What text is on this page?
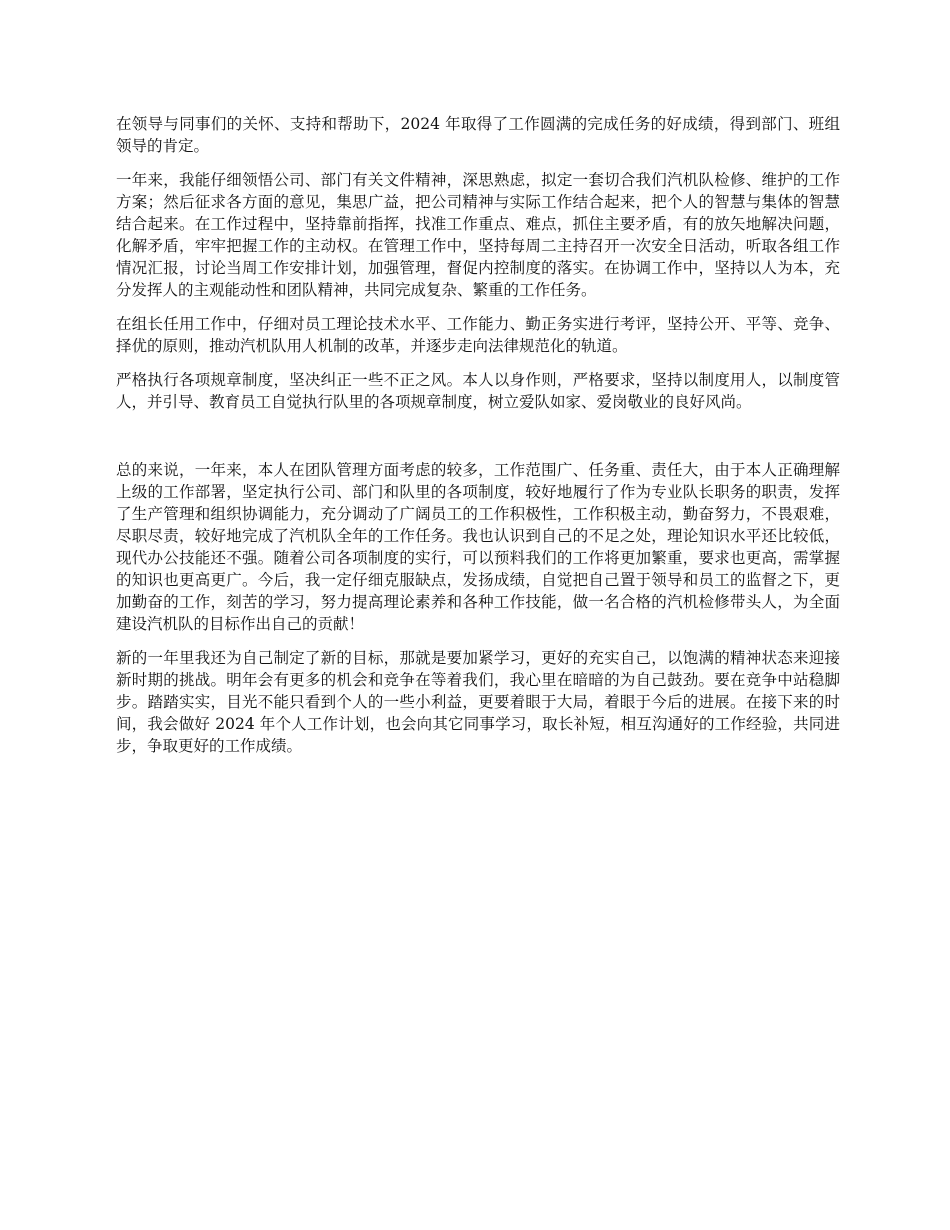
在领导与同事们的关怀、支持和帮助下，2024 年取得了工作圆满的完成任务的好成绩，得到部门、班组领导的肯定。

一年来，我能仔细领悟公司、部门有关文件精神，深思熟虑，拟定一套切合我们汽机队检修、维护的工作方案；然后征求各方面的意见，集思广益，把公司精神与实际工作结合起来，把个人的智慧与集体的智慧结合起来。在工作过程中，坚持靠前指挥，找准工作重点、难点，抓住主要矛盾，有的放矢地解决问题，化解矛盾，牢牢把握工作的主动权。在管理工作中，坚持每周二主持召开一次安全日活动，听取各组工作情况汇报，讨论当周工作安排计划，加强管理，督促内控制度的落实。在协调工作中，坚持以人为本，充分发挥人的主观能动性和团队精神，共同完成复杂、繁重的工作任务。

在组长任用工作中，仔细对员工理论技术水平、工作能力、勤正务实进行考评，坚持公开、平等、竞争、择优的原则，推动汽机队用人机制的改革，并逐步走向法律规范化的轨道。

严格执行各项规章制度，坚决纠正一些不正之风。本人以身作则，严格要求，坚持以制度用人，以制度管人，并引导、教育员工自觉执行队里的各项规章制度，树立爱队如家、爱岗敬业的良好风尚。

总的来说，一年来，本人在团队管理方面考虑的较多，工作范围广、任务重、责任大，由于本人正确理解上级的工作部署，坚定执行公司、部门和队里的各项制度，较好地履行了作为专业队长职务的职责，发挥了生产管理和组织协调能力，充分调动了广阔员工的工作积极性，工作积极主动，勤奋努力，不畏艰难，尽职尽责，较好地完成了汽机队全年的工作任务。我也认识到自己的不足之处，理论知识水平还比较低，现代办公技能还不强。随着公司各项制度的实行，可以预料我们的工作将更加繁重，要求也更高，需掌握的知识也更高更广。今后，我一定仔细克服缺点，发扬成绩，自觉把自己置于领导和员工的监督之下，更加勤奋的工作，刻苦的学习，努力提高理论素养和各种工作技能，做一名合格的汽机检修带头人，为全面建设汽机队的目标作出自己的贡献！

新的一年里我还为自己制定了新的目标，那就是要加紧学习，更好的充实自己，以饱满的精神状态来迎接新时期的挑战。明年会有更多的机会和竞争在等着我们，我心里在暗暗的为自己鼓劲。要在竞争中站稳脚步。踏踏实实，目光不能只看到个人的一些小利益，更要着眼于大局，着眼于今后的进展。在接下来的时间，我会做好 2024 年个人工作计划，也会向其它同事学习，取长补短，相互沟通好的工作经验，共同进步，争取更好的工作成绩。
